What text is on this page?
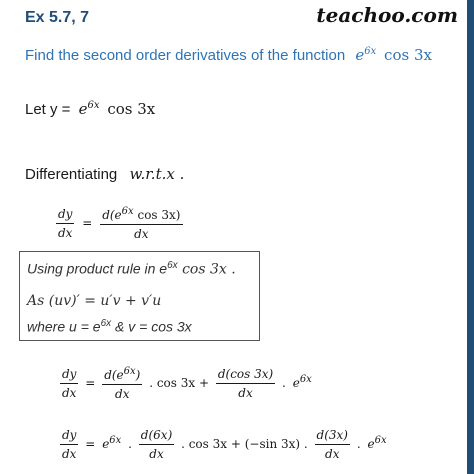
Ex 5.7, 7	teachoo.com
Find the second order derivatives of the function $e^{6x}$ cos 3x
Let $y = e^{6x}$ cos 3x
Differentiating w.r.t.x .
$\frac{dy}{dx} = \frac{d(e^{6x} \cos 3x)}{dx}$
Using product rule in $e^{6x}$ cos 3x .
As (uv)′ = u′v + v′u
where $u = e^{6x}$ & v = cos 3x
$\frac{dy}{dx} = \frac{d(e^{6x})}{dx}$ . $\cos 3x + \frac{d(\cos 3x)}{dx}$ . $e^{6x}$
$\frac{dy}{dx} = e^{6x}$ . $\frac{d(6x)}{dx}$ . cos 3x + (−sin 3x) . $\frac{d(3x)}{dx}$ . $e^{6x}$
